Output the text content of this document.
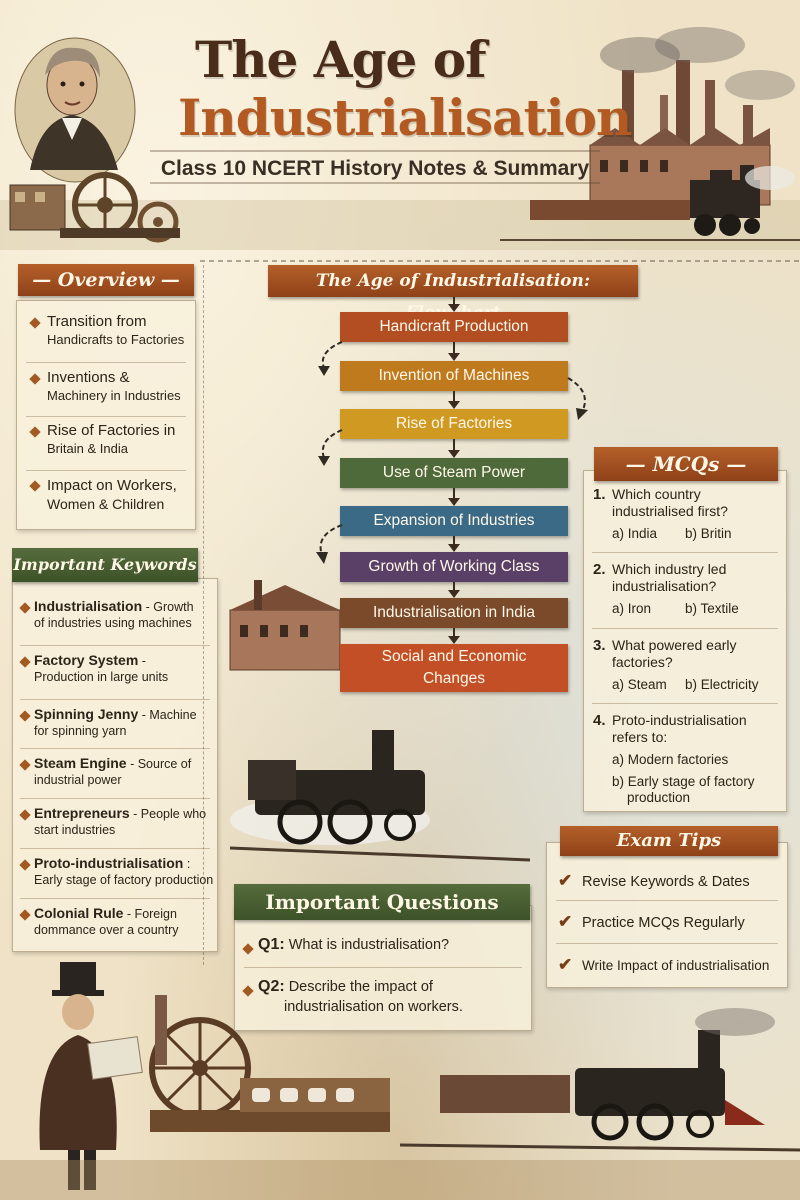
The Age of
Industrialisation
Class 10 NCERT History Notes & Summary
— Overview —
Transition from
Handicrafts to Factories
Inventions &
Machinery in Industries
Rise of Factories in
Britain & India
Impact on Workers,
Women & Children
Important Keywords
Industrialisation - Growth
of industries using machines
Factory System -
Production in large units
Spinning Jenny - Machine
for spinning yarn
Steam Engine - Source of
industrial power
Entrepreneurs - People who
start industries
Proto-industrialisation :
Early stage of factory production
Colonial Rule - Foreign
dommance over a country
The Age of Industrialisation:
Handicraft Production
Invention of Machines
Rise of Factories
Use of Steam Power
Expansion of Industries
Growth of Working Class
Industrialisation in India
Social and Economic
Changes
— MCQs —
1. Which country
industrialised first?
a) India b) Britin
2. Which industry led
industrialisation?
a) Iron	b) Textile
3. What powered early
factories?
a) Steam b) Electricity
4. Proto-industrialisation
refers to:
a) Modern factories
b) Early stage of factory
production
Exam Tips
✔ Revise Keywords & Dates
✔ Practice MCQs Regularly
✔ Write Impact of industrialisation
Important Questions
Q1: What is industrialisation?
Q2: Describe the impact of
industrialisation on workers.
